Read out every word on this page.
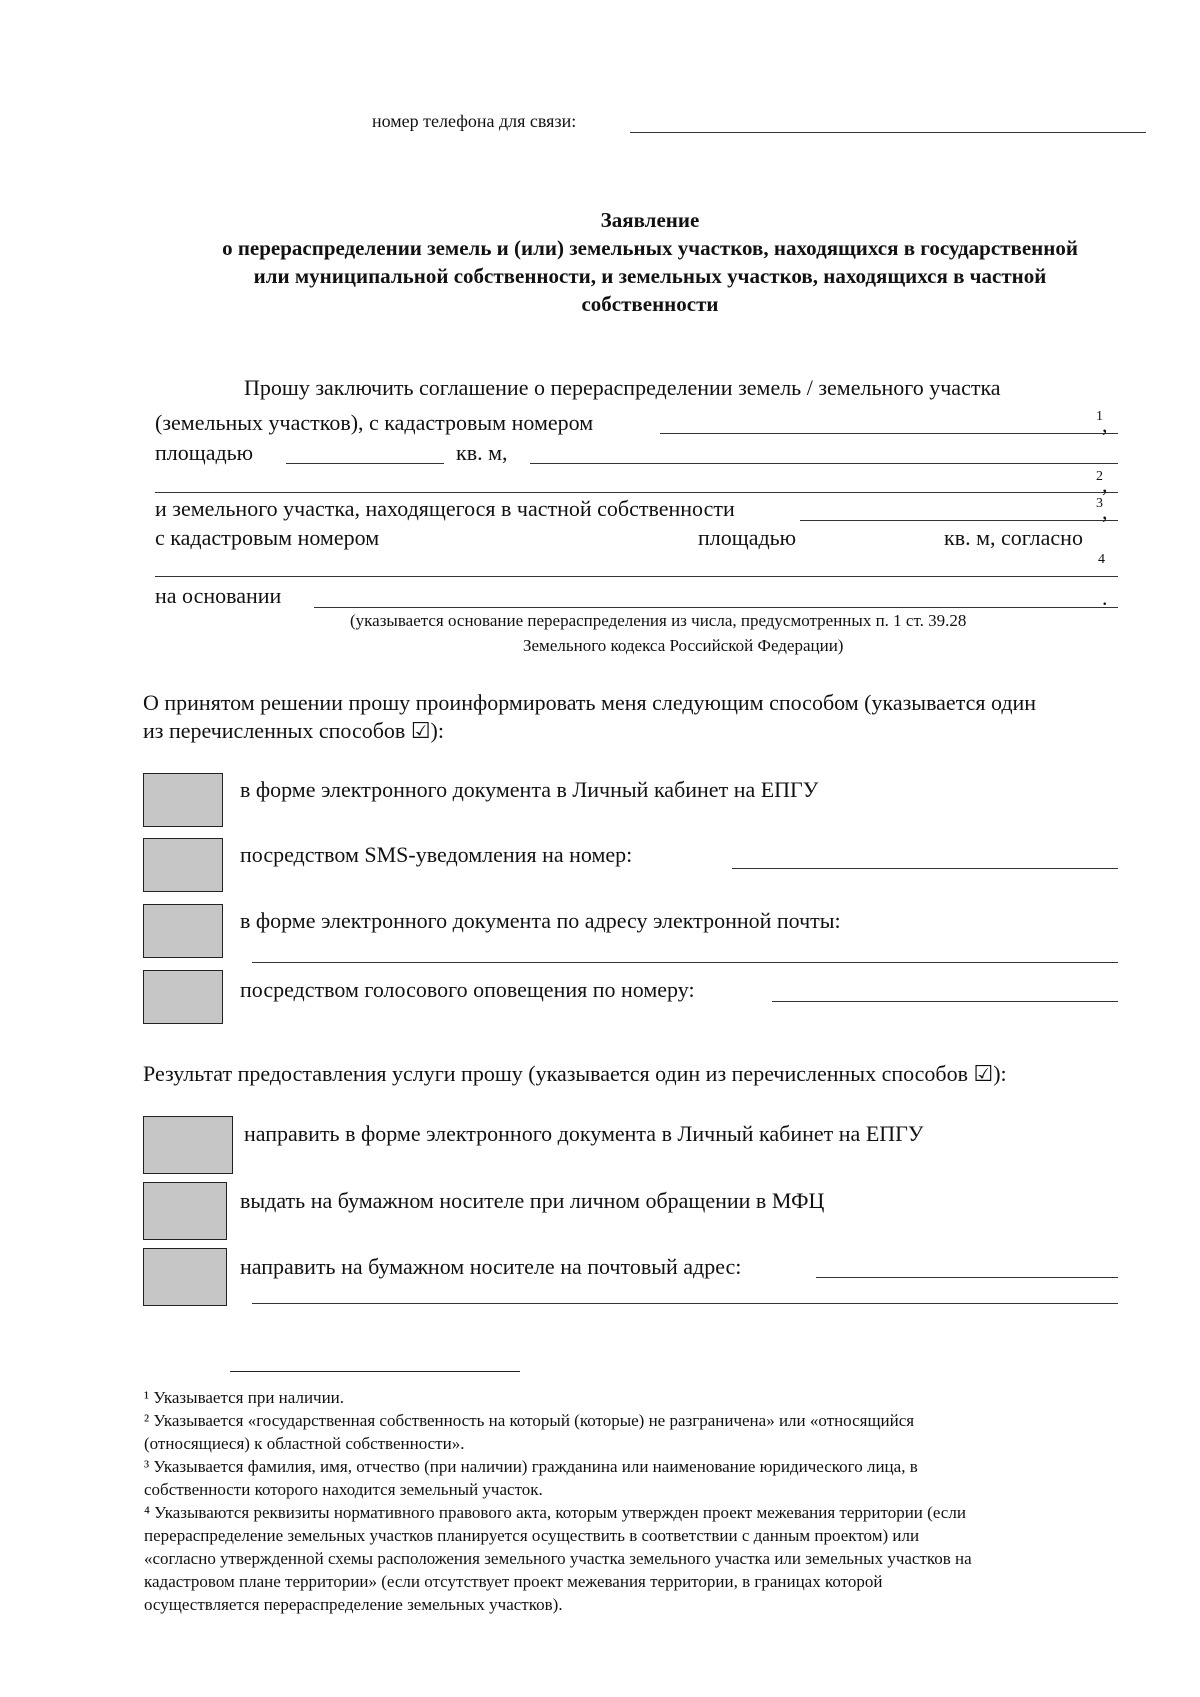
номер телефона для связи:
Заявление
о перераспределении земель и (или) земельных участков, находящихся в государственной
или муниципальной собственности, и земельных участков, находящихся в частной
собственности
Прошу заключить соглашение о перераспределении земель / земельного участка
(земельных участков), с кадастровым номером	1 ,
площадью	кв. м,
2 ,
и земельного участка, находящегося в частной собственности	3 ,
с кадастровым номером	площадью	кв. м, согласно
4
на основании	.
(указывается основание перераспределения из числа, предусмотренных п. 1 ст. 39.28
Земельного кодекса Российской Федерации)
О принятом решении прошу проинформировать меня следующим способом (указывается один
из перечисленных способов ☑):
в форме электронного документа в Личный кабинет на ЕПГУ
посредством SMS-уведомления на номер:
в форме электронного документа по адресу электронной почты:
посредством голосового оповещения по номеру:
Результат предоставления услуги прошу (указывается один из перечисленных способов ☑):
направить в форме электронного документа в Личный кабинет на ЕПГУ
выдать на бумажном носителе при личном обращении в МФЦ
направить на бумажном носителе на почтовый адрес:
¹ Указывается при наличии.
² Указывается «государственная собственность на который (которые) не разграничена» или «относящийся
(относящиеся) к областной собственности».
³ Указывается фамилия, имя, отчество (при наличии) гражданина или наименование юридического лица, в
собственности которого находится земельный участок.
⁴ Указываются реквизиты нормативного правового акта, которым утвержден проект межевания территории (если
перераспределение земельных участков планируется осуществить в соответствии с данным проектом) или
«согласно утвержденной схемы расположения земельного участка земельного участка или земельных участков на
кадастровом плане территории» (если отсутствует проект межевания территории, в границах которой
осуществляется перераспределение земельных участков).
